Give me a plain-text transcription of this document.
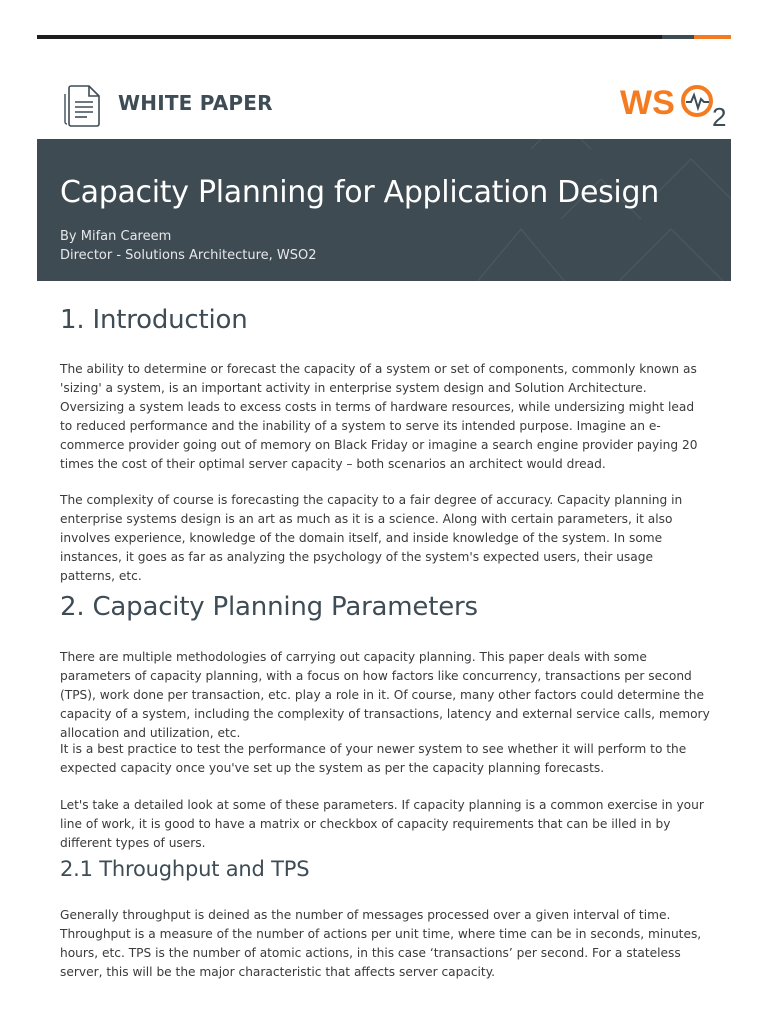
WHITE PAPER	WS 2
Capacity Planning for Application Design
By Mifan Careem
Director - Solutions Architecture, WSO2
1. Introduction

The ability to determine or forecast the capacity of a system or set of components, commonly known as 'sizing' a system, is an important activity in enterprise system design and Solution Architecture. Oversizing a system leads to excess costs in terms of hardware resources, while undersizing might lead to reduced performance and the inability of a system to serve its intended purpose. Imagine an e-commerce provider going out of memory on Black Friday or imagine a search engine provider paying 20 times the cost of their optimal server capacity – both scenarios an architect would dread.

The complexity of course is forecasting the capacity to a fair degree of accuracy. Capacity planning in enterprise systems design is an art as much as it is a science. Along with certain parameters, it also involves experience, knowledge of the domain itself, and inside knowledge of the system. In some instances, it goes as far as analyzing the psychology of the system's expected users, their usage patterns, etc.

2. Capacity Planning Parameters

There are multiple methodologies of carrying out capacity planning. This paper deals with some parameters of capacity planning, with a focus on how factors like concurrency, transactions per second (TPS), work done per transaction, etc. play a role in it. Of course, many other factors could determine the capacity of a system, including the complexity of transactions, latency and external service calls, memory allocation and utilization, etc.

It is a best practice to test the performance of your newer system to see whether it will perform to the expected capacity once you've set up the system as per the capacity planning forecasts.

Let's take a detailed look at some of these parameters. If capacity planning is a common exercise in your line of work, it is good to have a matrix or checkbox of capacity requirements that can be illed in by different types of users.

2.1 Throughput and TPS

Generally throughput is deined as the number of messages processed over a given interval of time. Throughput is a measure of the number of actions per unit time, where time can be in seconds, minutes, hours, etc. TPS is the number of atomic actions, in this case ‘transactions’ per second. For a stateless server, this will be the major characteristic that affects server capacity.
